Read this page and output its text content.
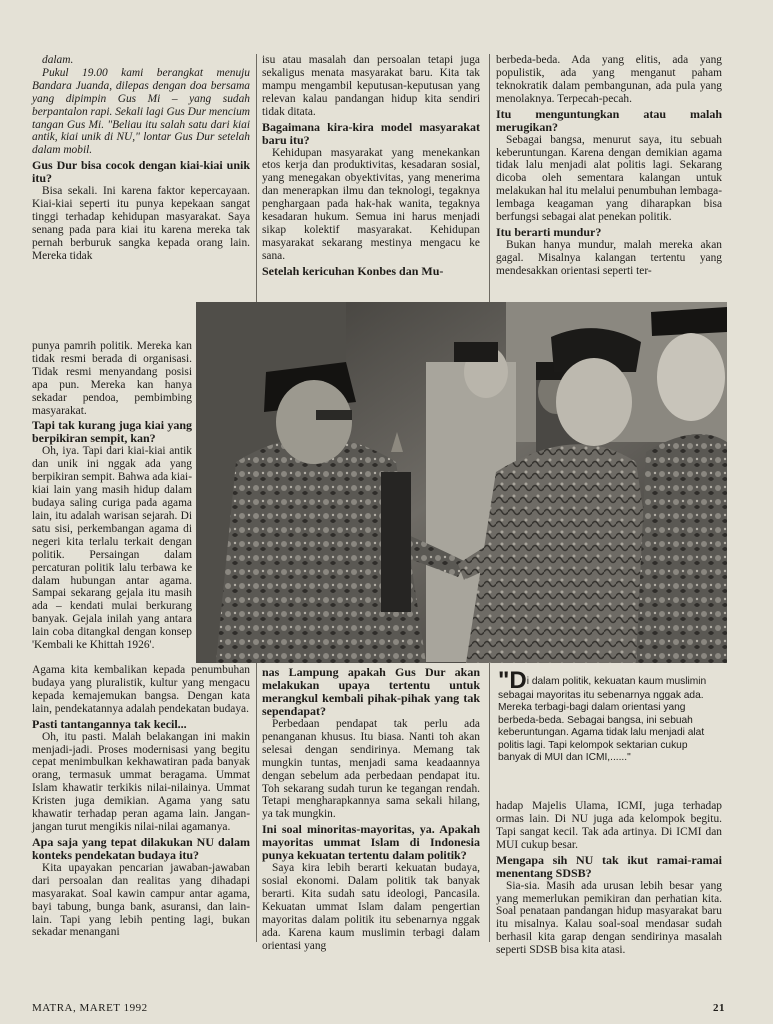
dalam.

Pukul 19.00 kami berangkat menuju Bandara Juanda, dilepas dengan doa bersama yang dipimpin Gus Mi – yang sudah berpantalon rapi. Sekali lagi Gus Dur mencium tangan Gus Mi. "Beliau itu salah satu dari kiai antik, kiai unik di NU," lontar Gus Dur setelah dalam mobil.

Gus Dur bisa cocok dengan kiai-kiai unik itu?

Bisa sekali. Ini karena faktor kepercayaan. Kiai-kiai seperti itu punya kepekaan sangat tinggi terhadap kehidupan masyarakat. Saya senang pada para kiai itu karena mereka tak pernah berburuk sangka kepada orang lain. Mereka tidak

punya pamrih politik. Mereka kan tidak resmi berada di organisasi. Tidak resmi menyandang posisi apa pun. Mereka kan hanya sekadar pendoa, pembimbing masyarakat.

Tapi tak kurang juga kiai yang berpikiran sempit, kan?

Oh, iya. Tapi dari kiai-kiai antik dan unik ini nggak ada yang berpikiran sempit. Bahwa ada kiai-kiai lain yang masih hidup dalam budaya saling curiga pada agama lain, itu adalah warisan sejarah. Di satu sisi, perkembangan agama di negeri kita terlalu terkait dengan politik. Persaingan dalam percaturan politik lalu terbawa ke dalam hubungan antar agama. Sampai sekarang gejala itu masih ada – kendati mulai berkurang banyak. Gejala inilah yang antara lain coba ditangkal dengan konsep 'Kembali ke Khittah 1926'.

Agama kita kembalikan kepada penumbuhan budaya yang pluralistik, kultur yang mengacu kepada kemajemukan bangsa. Dengan kata lain, pendekatannya adalah pendekatan budaya.

Pasti tantangannya tak kecil...

Oh, itu pasti. Malah belakangan ini makin menjadi-jadi. Proses modernisasi yang begitu cepat menimbulkan kekhawatiran pada banyak orang, termasuk ummat beragama. Ummat Islam khawatir terkikis nilai-nilainya. Ummat Kristen juga demikian. Agama yang satu khawatir terhadap peran agama lain. Jangan-jangan turut mengikis nilai-nilai agamanya.

Apa saja yang tepat dilakukan NU dalam konteks pendekatan budaya itu?

Kita upayakan pencarian jawaban-jawaban dari persoalan dan realitas yang dihadapi masyarakat. Soal kawin campur antar agama, bayi tabung, bunga bank, asuransi, dan lain-lain. Tapi yang lebih penting lagi, bukan sekadar menangani

isu atau masalah dan persoalan tetapi juga sekaligus menata masyarakat baru. Kita tak mampu mengambil keputusan-keputusan yang relevan kalau pandangan hidup kita sendiri tidak ditata.

Bagaimana kira-kira model masyarakat baru itu?

Kehidupan masyarakat yang menekankan etos kerja dan produktivitas, kesadaran sosial, yang menegakan obyektivitas, yang menerima dan menerapkan ilmu dan teknologi, tegaknya penghargaan pada hak-hak wanita, tegaknya kesadaran hukum. Semua ini harus menjadi sikap kolektif masyarakat. Kehidupan masyarakat sekarang mestinya mengacu ke sana.

Setelah kericuhan Konbes dan Mu-

nas Lampung apakah Gus Dur akan melakukan upaya tertentu untuk merangkul kembali pihak-pihak yang tak sependapat?

Perbedaan pendapat tak perlu ada penanganan khusus. Itu biasa. Nanti toh akan selesai dengan sendirinya. Memang tak mungkin tuntas, menjadi sama keadaannya dengan sebelum ada perbedaan pendapat itu. Toh sekarang sudah turun ke tegangan rendah. Tetapi mengharapkannya sama sekali hilang, ya tak mungkin.

Ini soal minoritas-mayoritas, ya. Apakah mayoritas ummat Islam di Indonesia punya kekuatan tertentu dalam politik?

Saya kira lebih berarti kekuatan budaya, sosial ekonomi. Dalam politik tak banyak berarti. Kita sudah satu ideologi, Pancasila. Kekuatan ummat Islam dalam pengertian mayoritas dalam politik itu sebenarnya nggak ada. Karena kaum muslimin terbagi dalam orientasi yang

berbeda-beda. Ada yang elitis, ada yang populistik, ada yang menganut paham teknokratik dalam pembangunan, ada pula yang menolaknya. Terpecah-pecah.

Itu menguntungkan atau malah merugikan?

Sebagai bangsa, menurut saya, itu sebuah keberuntungan. Karena dengan demikian agama tidak lalu menjadi alat politis lagi. Sekarang dicoba oleh sementara kalangan untuk melakukan hal itu melalui penumbuhan lembaga-lembaga keagaman yang diharapkan bisa berfungsi sebagai alat penekan politik.

Itu berarti mundur?

Bukan hanya mundur, malah mereka akan gagal. Misalnya kalangan tertentu yang mendesakkan orientasi seperti ter-

hadap Majelis Ulama, ICMI, juga terhadap ormas lain. Di NU juga ada kelompok begitu. Tapi sangat kecil. Tak ada artinya. Di ICMI dan MUI cukup besar.

Mengapa sih NU tak ikut ramai-ramai menentang SDSB?

Sia-sia. Masih ada urusan lebih besar yang yang memerlukan pemikiran dan perhatian kita. Soal penataan pandangan hidup masyarakat baru itu misalnya. Kalau soal-soal mendasar sudah berhasil kita garap dengan sendirinya masalah seperti SDSB bisa kita atasi.

"Di dalam politik, kekuatan kaum muslimin sebagai mayoritas itu sebenarnya nggak ada. Mereka terbagi-bagi dalam orientasi yang berbeda-beda. Sebagai bangsa, ini sebuah keberuntungan. Agama tidak lalu menjadi alat politis lagi. Tapi kelompok sektarian cukup banyak di MUI dan ICMI,......"
MATRA, MARET 1992	21
